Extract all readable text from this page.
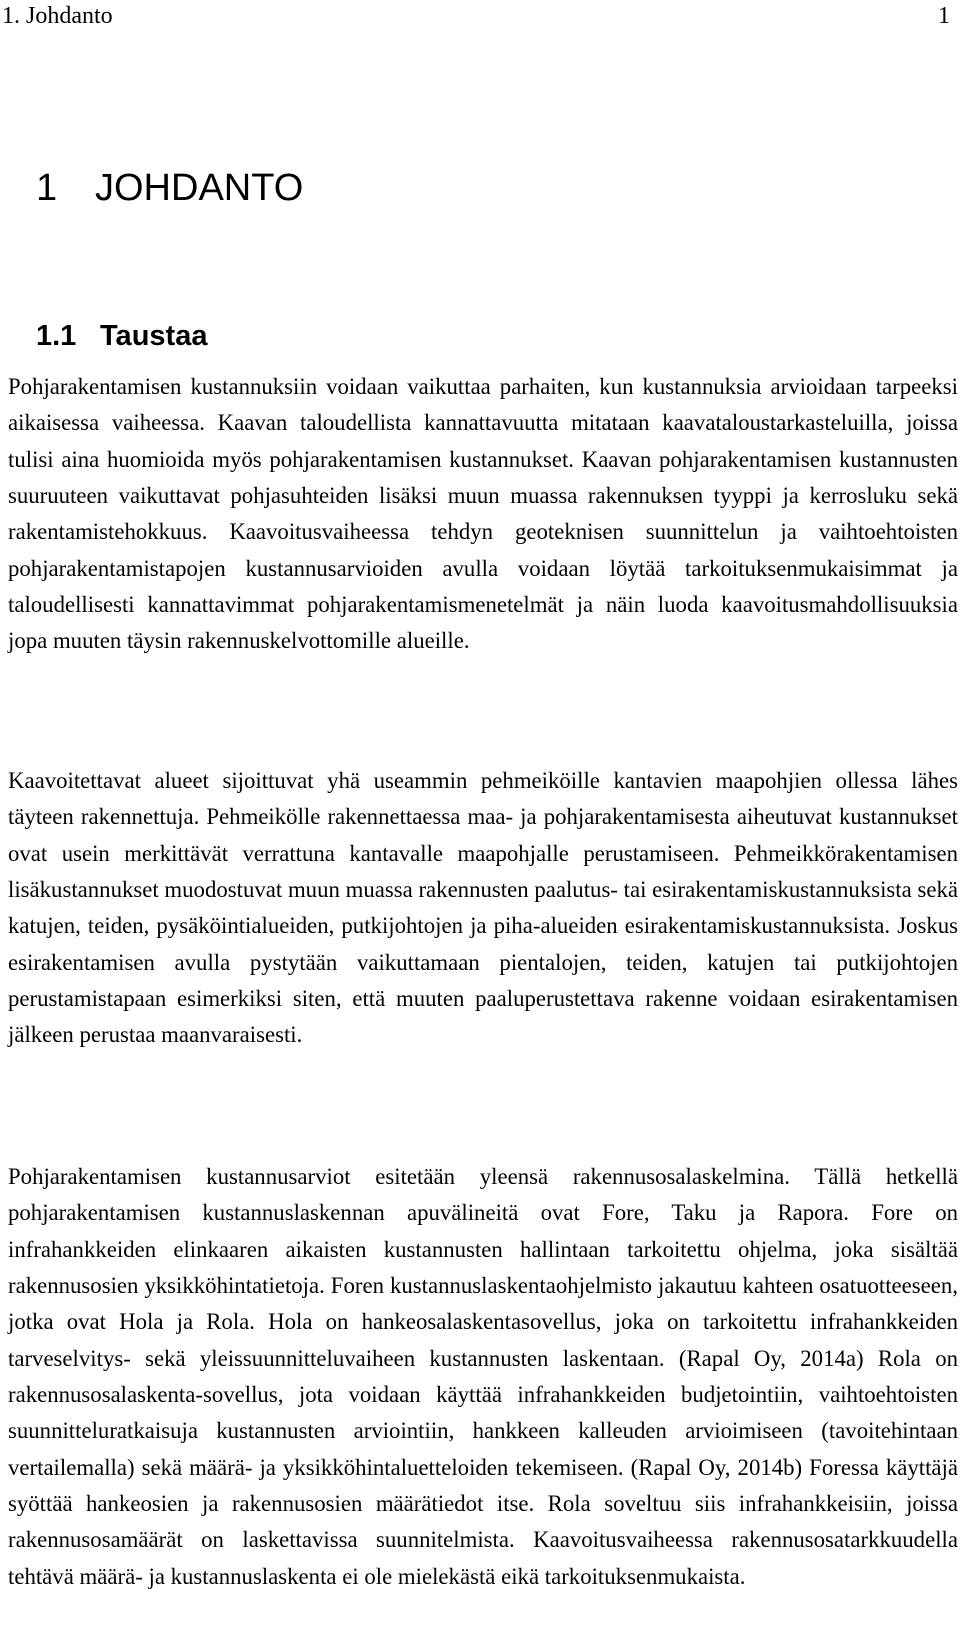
1. Johdanto	1
1 JOHDANTO
1.1 Taustaa

Pohjarakentamisen kustannuksiin voidaan vaikuttaa parhaiten, kun kustannuksia arvioidaan tarpeeksi aikaisessa vaiheessa. Kaavan taloudellista kannattavuutta mitataan kaavataloustarkasteluilla, joissa tulisi aina huomioida myös pohjarakentamisen kustannukset. Kaavan pohjarakentamisen kustannusten suuruuteen vaikuttavat pohjasuhteiden lisäksi muun muassa rakennuksen tyyppi ja kerrosluku sekä rakentamistehokkuus. Kaavoitusvaiheessa tehdyn geoteknisen suunnittelun ja vaihtoehtoisten pohjarakentamistapojen kustannusarvioiden avulla voidaan löytää tarkoituksenmukaisimmat ja taloudellisesti kannattavimmat pohjarakentamismenetelmät ja näin luoda kaavoitusmahdollisuuksia jopa muuten täysin rakennuskelvottomille alueille.

Kaavoitettavat alueet sijoittuvat yhä useammin pehmeiköille kantavien maapohjien ollessa lähes täyteen rakennettuja. Pehmeikölle rakennettaessa maa- ja pohjarakentamisesta aiheutuvat kustannukset ovat usein merkittävät verrattuna kantavalle maapohjalle perustamiseen. Pehmeikkörakentamisen lisäkustannukset muodostuvat muun muassa rakennusten paalutus- tai esirakentamiskustannuksista sekä katujen, teiden, pysäköintialueiden, putkijohtojen ja piha-alueiden esirakentamiskustannuksista. Joskus esirakentamisen avulla pystytään vaikuttamaan pientalojen, teiden, katujen tai putkijohtojen perustamistapaan esimerkiksi siten, että muuten paaluperustettava rakenne voidaan esirakentamisen jälkeen perustaa maanvaraisesti.

Pohjarakentamisen kustannusarviot esitetään yleensä rakennusosalaskelmina. Tällä hetkellä pohjarakentamisen kustannuslaskennan apuvälineitä ovat Fore, Taku ja Rapora. Fore on infrahankkeiden elinkaaren aikaisten kustannusten hallintaan tarkoitettu ohjelma, joka sisältää rakennusosien yksikköhintatietoja. Foren kustannuslaskentaohjelmisto jakautuu kahteen osatuotteeseen, jotka ovat Hola ja Rola. Hola on hankeosalaskentasovellus, joka on tarkoitettu infrahankkeiden tarveselvitys- sekä yleissuunnitteluvaiheen kustannusten laskentaan. (Rapal Oy, 2014a) Rola on rakennusosalaskenta-sovellus, jota voidaan käyttää infrahankkeiden budjetointiin, vaihtoehtoisten suunnitteluratkaisuja kustannusten arviointiin, hankkeen kalleuden arvioimiseen (tavoitehintaan vertailemalla) sekä määrä- ja yksikköhintaluetteloiden tekemiseen. (Rapal Oy, 2014b) Foressa käyttäjä syöttää hankeosien ja rakennusosien määrätiedot itse. Rola soveltuu siis infrahankkeisiin, joissa rakennusosamäärät on laskettavissa suunnitelmista. Kaavoitusvaiheessa rakennusosatarkkuudella tehtävä määrä- ja kustannuslaskenta ei ole mielekästä eikä tarkoituksenmukaista.
